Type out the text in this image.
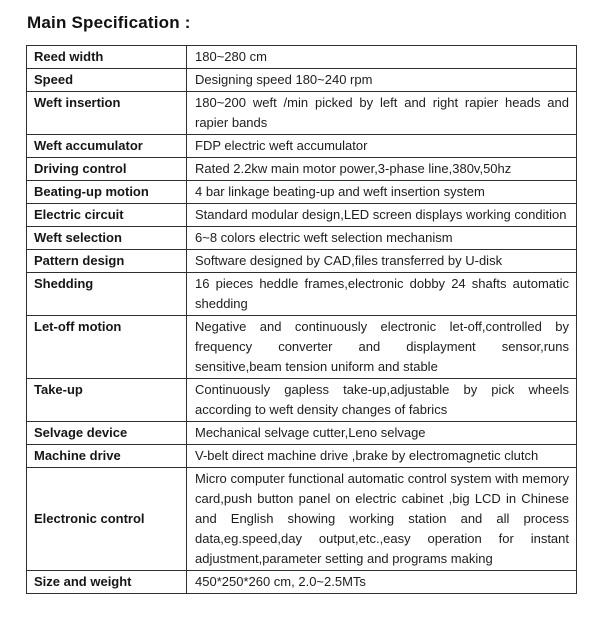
Main Specification :
Reed width	180~280 cm
Speed	Designing speed 180~240 rpm
Weft insertion	180~200 weft /min picked by left and right rapier heads and rapier bands
Weft accumulator	FDP electric weft accumulator
Driving control	Rated 2.2kw main motor power,3-phase line,380v,50hz
Beating-up motion	4 bar linkage beating-up and weft insertion system
Electric circuit	Standard modular design,LED screen displays working condition
Weft selection	6~8 colors electric weft selection mechanism
Pattern design	Software designed by CAD,files transferred by U-disk
Shedding	16 pieces heddle frames,electronic dobby 24 shafts automatic shedding
Let-off motion	Negative and continuously electronic let-off,controlled by frequency converter and displayment sensor,runs sensitive,beam tension uniform and stable
Take-up	Continuously gapless take-up,adjustable by pick wheels according to weft density changes of fabrics
Selvage device	Mechanical selvage cutter,Leno selvage
Machine drive	V-belt direct machine drive ,brake by electromagnetic clutch
Electronic control	Micro computer functional automatic control system with memory card,push button panel on electric cabinet ,big LCD in Chinese and English showing working station and all process data,eg.speed,day output,etc.,easy operation for instant adjustment,parameter setting and programs making
Size and weight	450*250*260 cm, 2.0~2.5MTs
